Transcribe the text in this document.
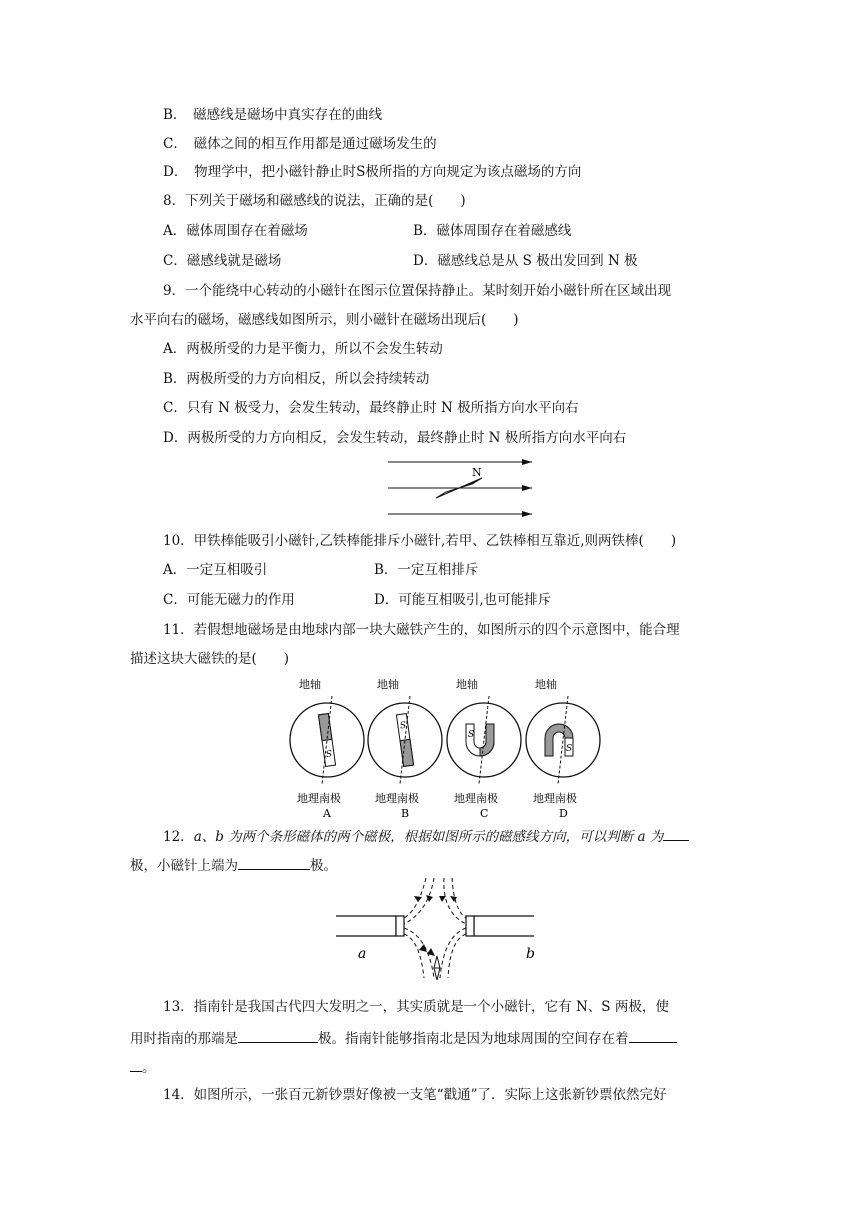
B．　磁感线是磁场中真实存在的曲线
C．　磁体之间的相互作用都是通过磁场发生的
D．　物理学中，把小磁针静止时S极所指的方向规定为该点磁场的方向
8．下列关于磁场和磁感线的说法，正确的是(　　)
A．磁体周围存在着磁场	B．磁体周围存在着磁感线
C．磁感线就是磁场	D．磁感线总是从 S 极出发回到 N 极
9．一个能绕中心转动的小磁针在图示位置保持静止。某时刻开始小磁针所在区域出现
水平向右的磁场，磁感线如图所示，则小磁针在磁场出现后(　　)
A．两极所受的力是平衡力，所以不会发生转动
B．两极所受的力方向相反，所以会持续转动
C．只有 N 极受力，会发生转动，最终静止时 N 极所指方向水平向右
D．两极所受的力方向相反，会发生转动，最终静止时 N 极所指方向水平向右
N
10．甲铁棒能吸引小磁针,乙铁棒能排斥小磁针,若甲、乙铁棒相互靠近,则两铁棒(　　)
A．一定互相吸引	B．一定互相排斥
C．可能无磁力的作用	D．可能互相吸引,也可能排斥
11．若假想地磁场是由地球内部一块大磁铁产生的，如图所示的四个示意图中，能合理
描述这块大磁铁的是(　　)
S
地轴
地理南极
A
S
地轴
地理南极
B
S
地轴
地理南极
C
S
地轴
地理南极
D
12．a、b 为两个条形磁体的两个磁极，根据如图所示的磁感线方向，可以判断 a 为
极，小磁针上端为	极。
a	b
13．指南针是我国古代四大发明之一，其实质就是一个小磁针，它有 N、S 两极，使
用时指南的那端是	极。指南针能够指南北是因为地球周围的空间存在着
。
14．如图所示，一张百元新钞票好像被一支笔“戳通”了．实际上这张新钞票依然完好
